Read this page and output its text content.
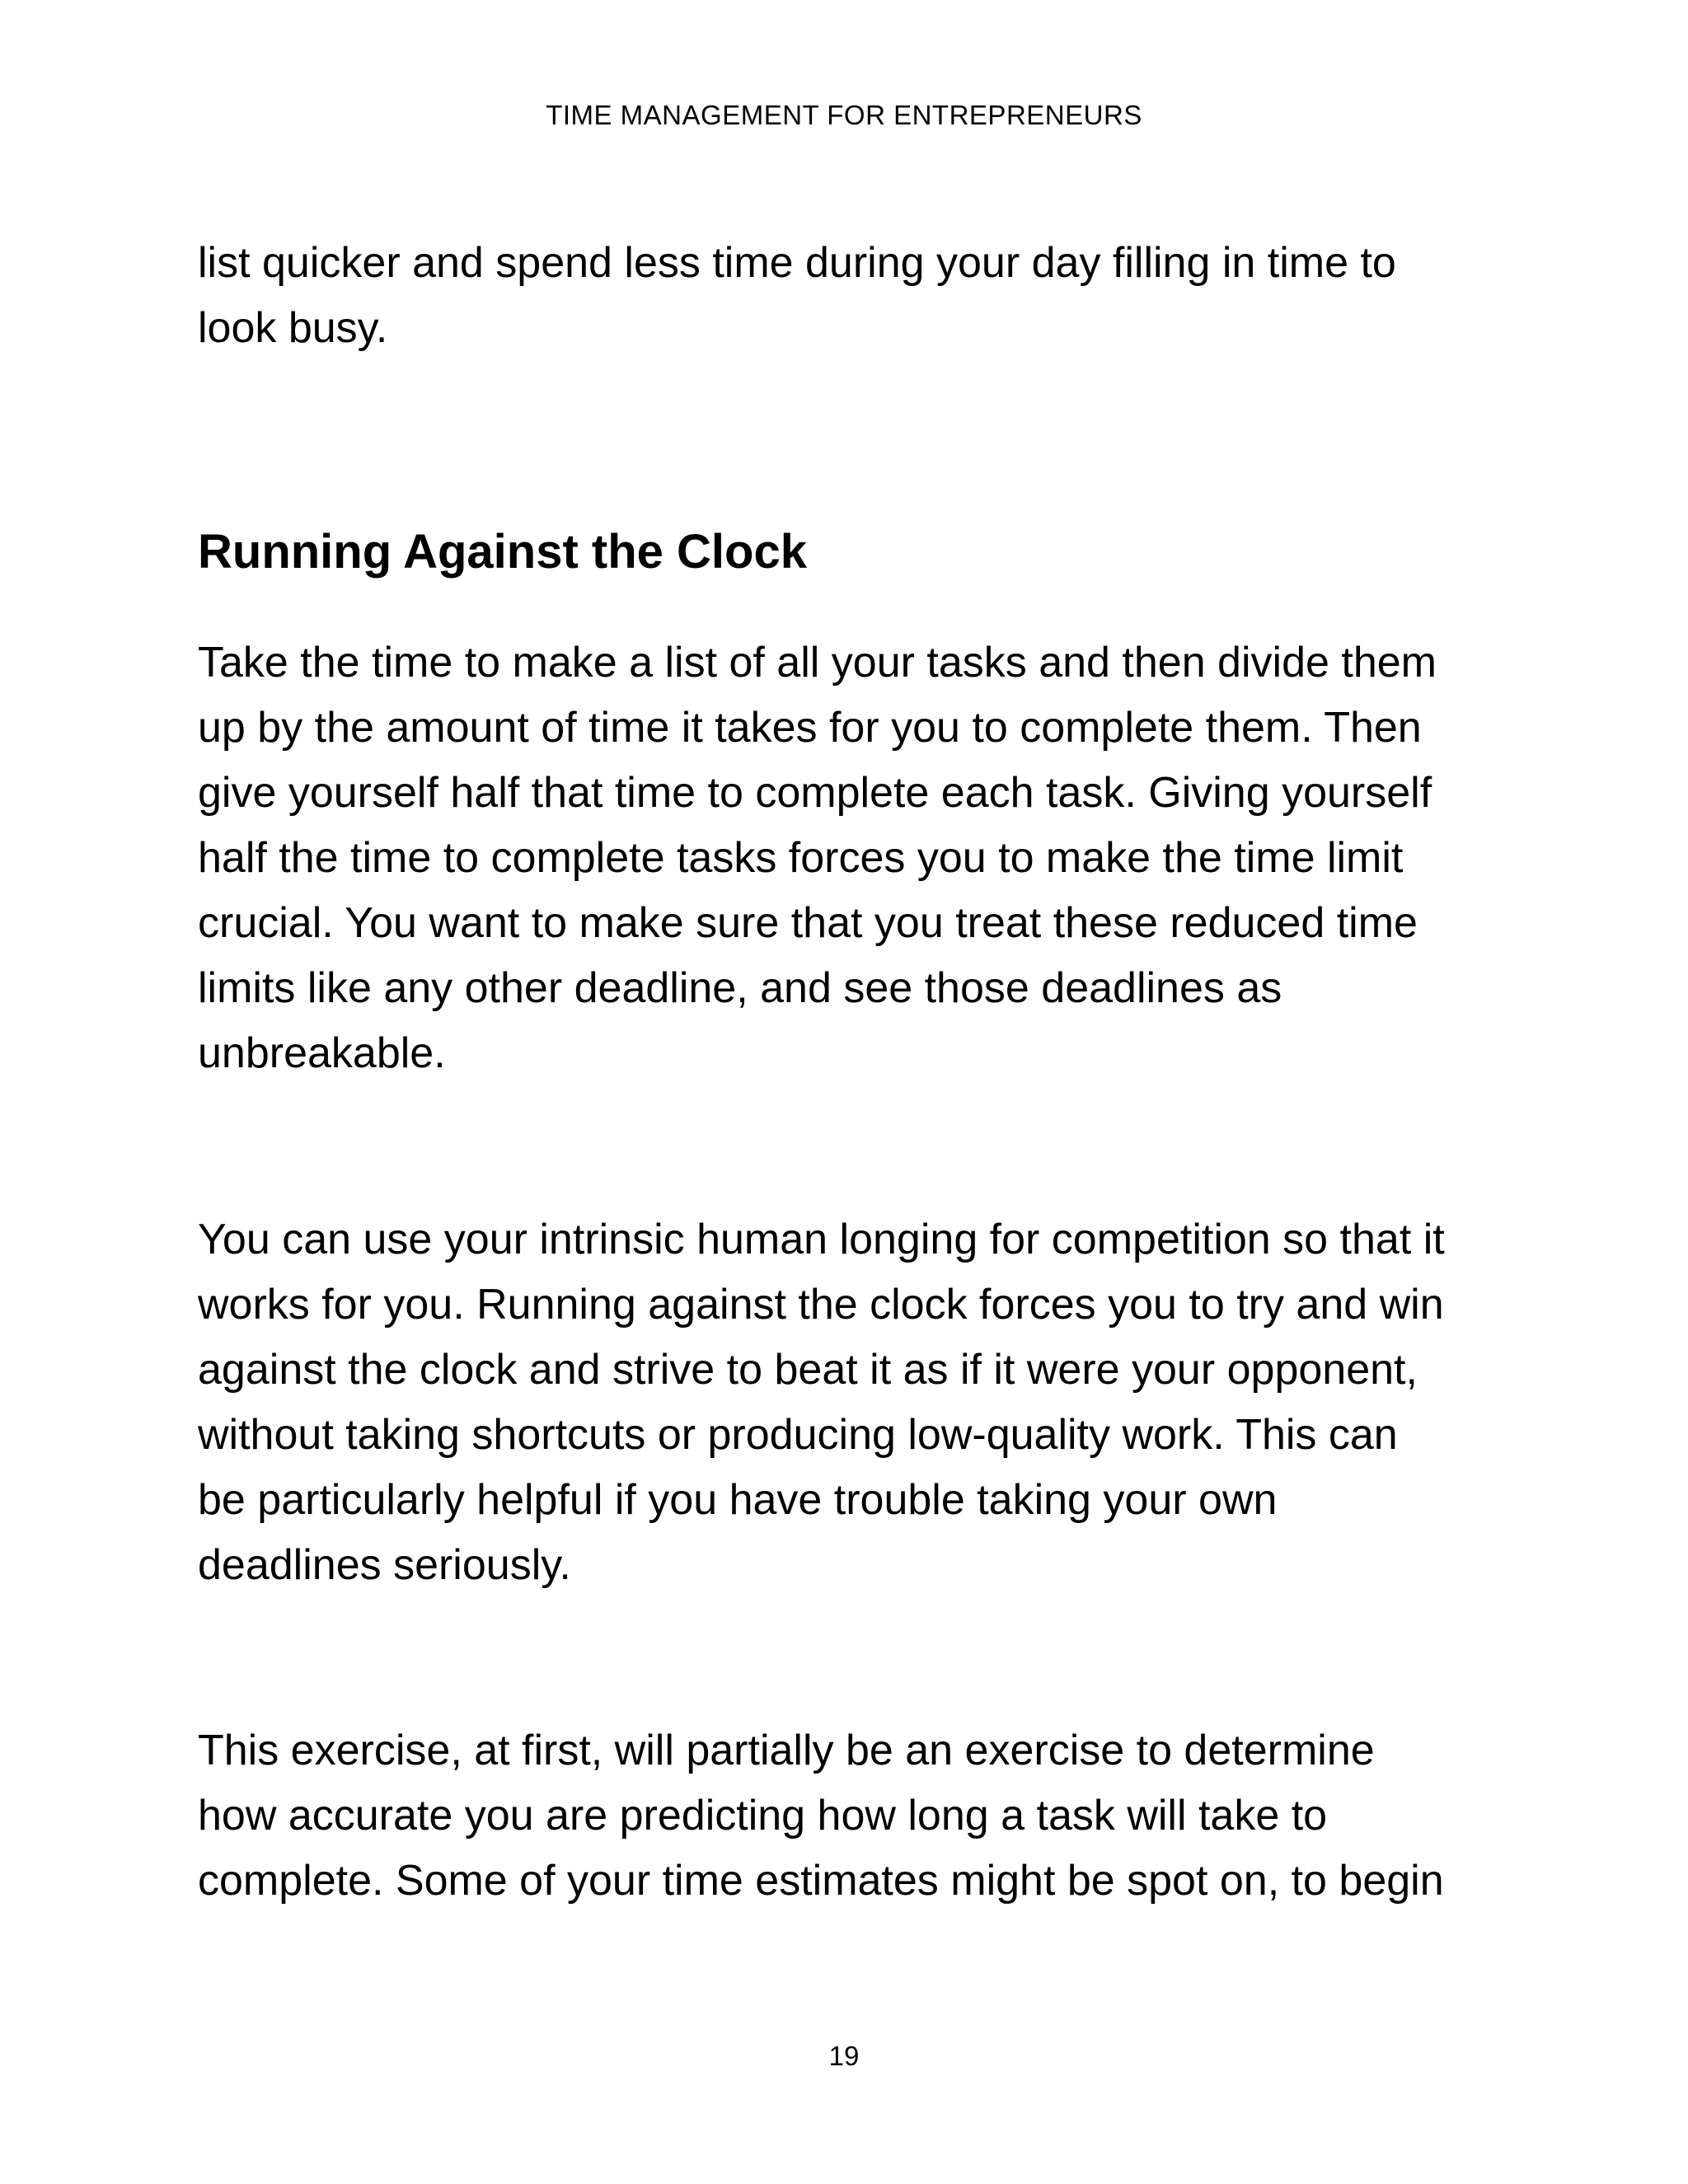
TIME MANAGEMENT FOR ENTREPRENEURS

list quicker and spend less time during your day filling in time to
look busy.

Running Against the Clock

Take the time to make a list of all your tasks and then divide them
up by the amount of time it takes for you to complete them. Then
give yourself half that time to complete each task. Giving yourself
half the time to complete tasks forces you to make the time limit
crucial. You want to make sure that you treat these reduced time
limits like any other deadline, and see those deadlines as
unbreakable.

You can use your intrinsic human longing for competition so that it
works for you. Running against the clock forces you to try and win
against the clock and strive to beat it as if it were your opponent,
without taking shortcuts or producing low-quality work. This can
be particularly helpful if you have trouble taking your own
deadlines seriously.

This exercise, at first, will partially be an exercise to determine
how accurate you are predicting how long a task will take to
complete. Some of your time estimates might be spot on, to begin

19
